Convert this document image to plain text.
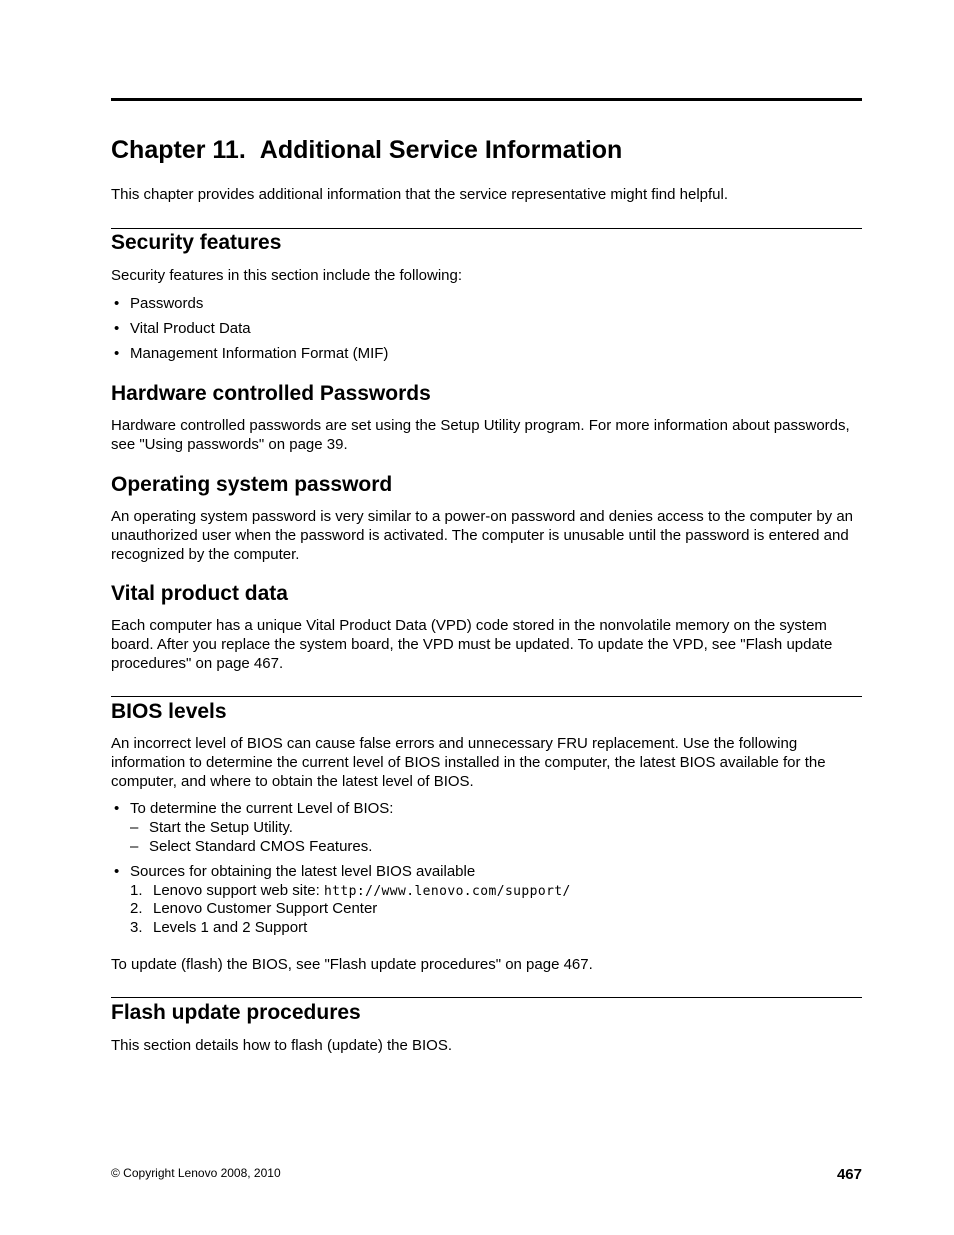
Chapter 11. Additional Service Information

This chapter provides additional information that the service representative might find helpful.

Security features

Security features in this section include the following:

• Passwords
• Vital Product Data
• Management Information Format (MIF)
Hardware controlled Passwords

Hardware controlled passwords are set using the Setup Utility program. For more information about passwords, see "Using passwords" on page 39.

Operating system password

An operating system password is very similar to a power-on password and denies access to the computer by an unauthorized user when the password is activated. The computer is unusable until the password is entered and recognized by the computer.

Vital product data

Each computer has a unique Vital Product Data (VPD) code stored in the nonvolatile memory on the system board. After you replace the system board, the VPD must be updated. To update the VPD, see "Flash update procedures" on page 467.

BIOS levels

An incorrect level of BIOS can cause false errors and unnecessary FRU replacement. Use the following information to determine the current level of BIOS installed in the computer, the latest BIOS available for the computer, and where to obtain the latest level of BIOS.

• To determine the current Level of BIOS:
– Start the Setup Utility.
– Select Standard CMOS Features.
• Sources for obtaining the latest level BIOS available
1. Lenovo support web site: http://www.lenovo.com/support/
2. Lenovo Customer Support Center
3. Levels 1 and 2 Support

To update (flash) the BIOS, see "Flash update procedures" on page 467.

Flash update procedures

This section details how to flash (update) the BIOS.

© Copyright Lenovo 2008, 2010	467
